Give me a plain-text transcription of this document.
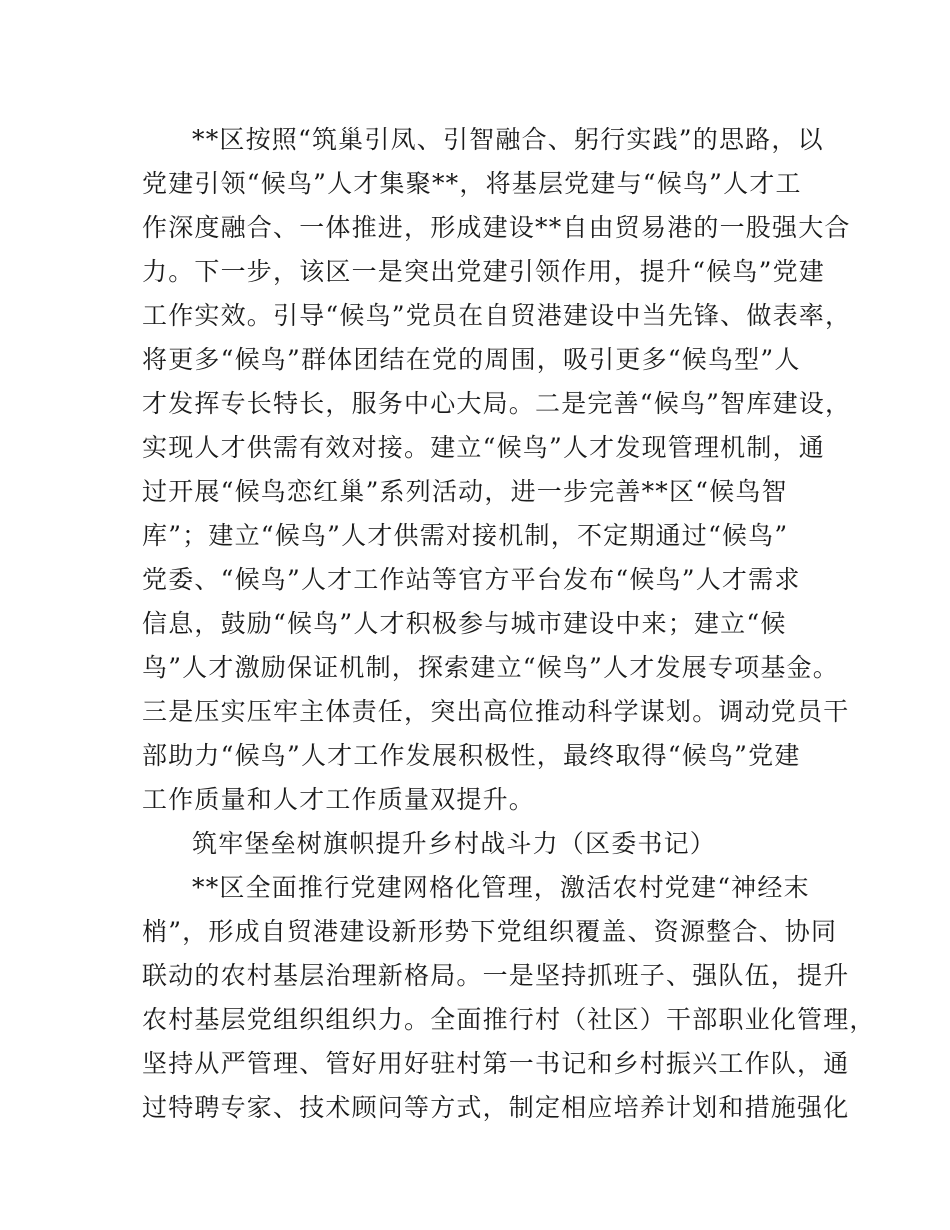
**区按照“筑巢引凤、引智融合、躬行实践”的思路，以
党建引领“候鸟”人才集聚**，将基层党建与“候鸟”人才工
作深度融合、一体推进，形成建设**自由贸易港的一股强大合
力。下一步，该区一是突出党建引领作用，提升“候鸟”党建
工作实效。引导“候鸟”党员在自贸港建设中当先锋、做表率，
将更多“候鸟”群体团结在党的周围，吸引更多“候鸟型”人
才发挥专长特长，服务中心大局。二是完善“候鸟”智库建设，
实现人才供需有效对接。建立“候鸟”人才发现管理机制，通
过开展“候鸟恋红巢”系列活动，进一步完善**区“候鸟智
库”；建立“候鸟”人才供需对接机制，不定期通过“候鸟”
党委、“候鸟”人才工作站等官方平台发布“候鸟”人才需求
信息，鼓励“候鸟”人才积极参与城市建设中来；建立“候
鸟”人才激励保证机制，探索建立“候鸟”人才发展专项基金。
三是压实压牢主体责任，突出高位推动科学谋划。调动党员干
部助力“候鸟”人才工作发展积极性，最终取得“候鸟”党建
工作质量和人才工作质量双提升。
筑牢堡垒树旗帜提升乡村战斗力（区委书记）
**区全面推行党建网格化管理，激活农村党建“神经末
梢”，形成自贸港建设新形势下党组织覆盖、资源整合、协同
联动的农村基层治理新格局。一是坚持抓班子、强队伍，提升
农村基层党组织组织力。全面推行村（社区）干部职业化管理，
坚持从严管理、管好用好驻村第一书记和乡村振兴工作队，通
过特聘专家、技术顾问等方式，制定相应培养计划和措施强化
